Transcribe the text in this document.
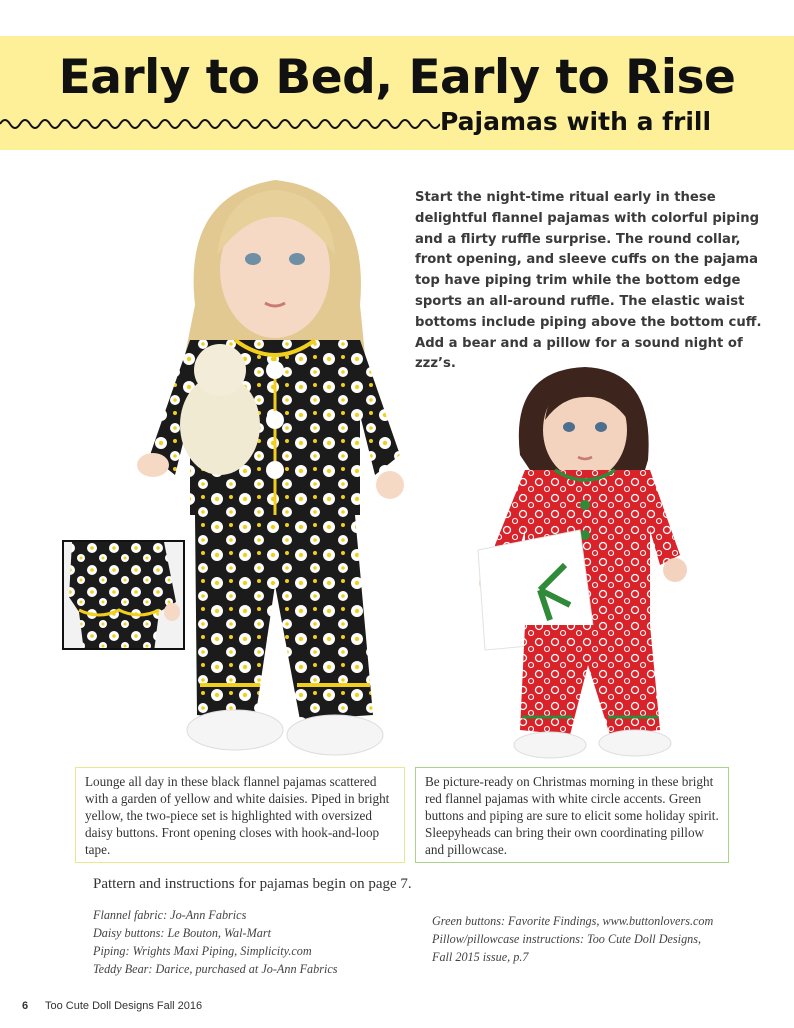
Early to Bed, Early to Rise
Pajamas with a frill
Start the night-time ritual early in these delightful flannel pajamas with colorful piping and a flirty ruffle surprise. The round collar, front opening, and sleeve cuffs on the pajama top have piping trim while the bottom edge sports an all-around ruffle. The elastic waist bottoms include piping above the bottom cuff. Add a bear and a pillow for a sound night of zzz’s.
Lounge all day in these black flannel pajamas scattered with a garden of yellow and white daisies. Piped in bright yellow, the two-piece set is highlighted with oversized daisy buttons. Front opening closes with hook-and-loop tape.
Be picture-ready on Christmas morning in these bright red flannel pajamas with white circle accents. Green buttons and piping are sure to elicit some holiday spirit. Sleepyheads can bring their own coordinating pillow and pillowcase.
Pattern and instructions for pajamas begin on page 7.
Flannel fabric: Jo-Ann Fabrics
Daisy buttons: Le Bouton, Wal-Mart
Piping: Wrights Maxi Piping, Simplicity.com
Teddy Bear: Darice, purchased at Jo-Ann Fabrics
Green buttons: Favorite Findings, www.buttonlovers.com
Pillow/pillowcase instructions: Too Cute Doll Designs,
Fall 2015 issue, p.7
6 Too Cute Doll Designs Fall 2016
